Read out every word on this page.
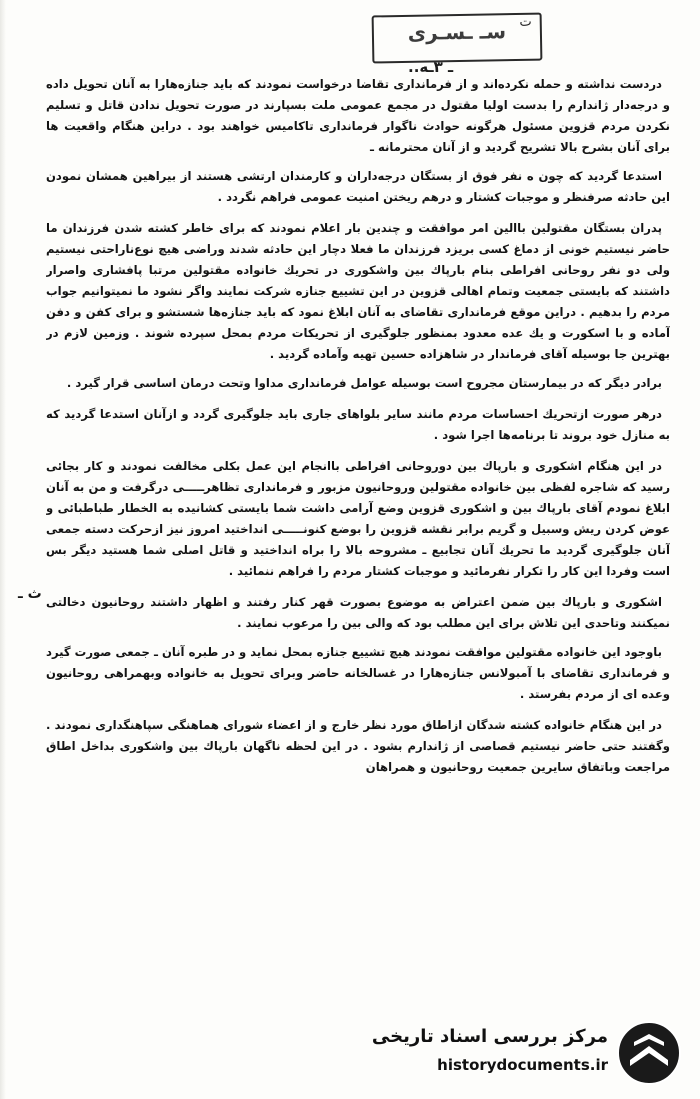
سـ ـسـرى	ت
..ـ ٣ـه
ث ـ

درد‌ست نداشته و حمله نکرده‌اند و از فرمانداری تقاضا درخواست نمودند که باید جنازه‌هارا به آنان تحویل داده و درجه‌دار ژاندارم را بدست اولیا مقتول در مجمع عمومی ملت بسپارند در صورت تحویل ندادن قاتل و تسلیم نکردن مردم قزوین مسئول هرگونه حوادث ناگوار فرمانداری تاکامیس خواهند بود . دراین هنگام واقعیت ها برای آنان بشرح بالا تشریح گردید و از آنان محترمانه ـ

استدعا گردید که چون ه نفر فوق از بستگان درجه‌داران و کارمندان ارتشی هستند از بیراهین همشان نمودن این حادثه صرفنظر و موجبات کشتار و درهم ریختن امنیت عمومی فراهم نگردد .

پدران بستگان مقتولین باالین امر موافقت و چندین بار اعلام نمودند که برای خاطر کشته شدن فرزندان ما حاضر نیستیم خونی از دماغ کسی بریزد فرزندان ما فعلا دچار این حادثه شدند وراضی هیچ نوع‌ناراحتی نیستیم ولی دو نفر روحانی افراطی بنام بارپاك بین واشکوری در تحریك خانواده مقتولین مرتبا پافشاری واصرار داشتند که بایستی جمعیت وتمام اهالی قزوین در این تشییع جنازه شرکت نمایند واگر نشود ما نمیتوانیم جواب مردم را بدهیم . دراین موقع فرمانداری تقاضای به آنان ابلاغ نمود که باید جنازه‌ها شستشو و برای کفن و دفن آماده و با اسکورت و یك عده معدود بمنظور جلوگیری از تحریکات مردم بمحل سپرده شوند . وزمین لازم در بهترین جا بوسیله آقای فرماندار در شاهزاده حسین تهیه وآماده گردید .

برادر دیگر که در بیمارستان مجروح است بوسیله عوامل فرمانداری مداوا وتحت درمان اساسی قرار گیرد .

درهر صورت ازتحریك احساسات مردم مانند سایر بلواهای جاری باید جلوگیری گردد و ازآنان استدعا گردید که به منازل خود بروند تا برنامه‌ها اجرا شود .

در این هنگام اشکوری و بارپاك بین دوروحانی افراطی باانجام این عمل بکلی مخالفت نمودند و کار بجائی رسید که شاجره لفظی بین خانواده مقتولین وروحانیون مزبور و فرمانداری تظاهرـــــی درگرفت و من به آنان ابلاغ نمودم آقای بارپاك بین و اشکوری قزوین وضع آرامی داشت شما بایستی کشانیده به الخطار طباطبائی و عوض کردن ریش وسبیل و گریم برابر نقشه قزوین را بوضع کنونـــــی انداختید امروز نیز ازحرکت دسته جمعی آنان جلوگیری گردید ما تحریك آنان تجابیع ـ مشروحه بالا را براه انداختید و قاتل اصلی شما هستید دیگر بس است وفردا این کار را تکرار نفرمائید و موجبات کشتار مردم را فراهم ننمائید .

اشکوری و بارپاك بین ضمن اعتراض به موضوع بصورت قهر کنار رفتند و اظهار داشتند روحانیون دخالتی نمیکنند وتاحدی این تلاش برای این مطلب بود که والی بین را مرعوب نمایند .

باوجود این خانواده مقتولین موافقت نمودند هیچ تشییع جنازه بمحل نماید و در طبره آنان ـ جمعی صورت گیرد و فرمانداری تقاضای با آمبولانس جنازه‌هارا در غسالخانه حاضر وبرای تحویل به خانواده وبهمراهی روحانیون وعده ای از مردم بفرستد .

در این هنگام خانواده کشته شدگان ازاطاق مورد نظر خارج و از اعضاء شورای هماهنگی سپاهنگداری نمودند . وگفتند حتی حاضر نیستیم قصاصی از ژاندارم بشود . در این لحظه ناگهان بارپاك بین واشکوری بداخل اطاق مراجعت وباتفاق سایرین جمعیت روحانیون و همراهان

مرکز بررسی اسناد تاریخی
historydocuments.ir
